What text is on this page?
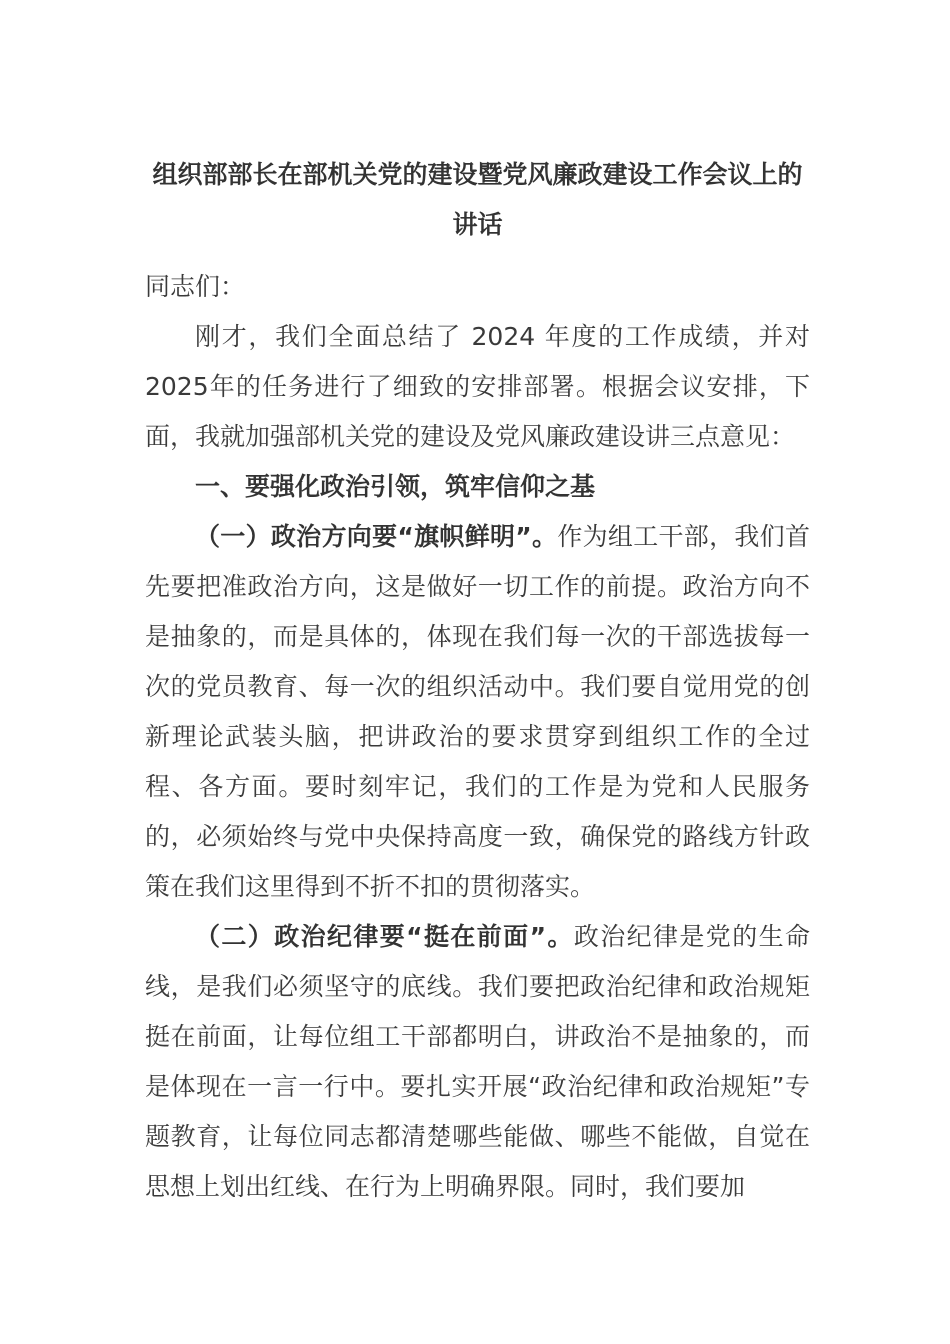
组织部部长在部机关党的建设暨党风廉政建设工作会议上的讲话

同志们：

刚才，我们全面总结了 2024 年度的工作成绩，并对2025年的任务进行了细致的安排部署。根据会议安排，下面，我就加强部机关党的建设及党风廉政建设讲三点意见：

一、要强化政治引领，筑牢信仰之基

（一）政治方向要“旗帜鲜明”。作为组工干部，我们首先要把准政治方向，这是做好一切工作的前提。政治方向不是抽象的，而是具体的，体现在我们每一次的干部选拔每一次的党员教育、每一次的组织活动中。我们要自觉用党的创新理论武装头脑，把讲政治的要求贯穿到组织工作的全过程、各方面。要时刻牢记，我们的工作是为党和人民服务的，必须始终与党中央保持高度一致，确保党的路线方针政策在我们这里得到不折不扣的贯彻落实。

（二）政治纪律要“挺在前面”。政治纪律是党的生命线，是我们必须坚守的底线。我们要把政治纪律和政治规矩挺在前面，让每位组工干部都明白，讲政治不是抽象的，而是体现在一言一行中。要扎实开展“政治纪律和政治规矩”专题教育，让每位同志都清楚哪些能做、哪些不能做，自觉在思想上划出红线、在行为上明确界限。同时，我们要加
